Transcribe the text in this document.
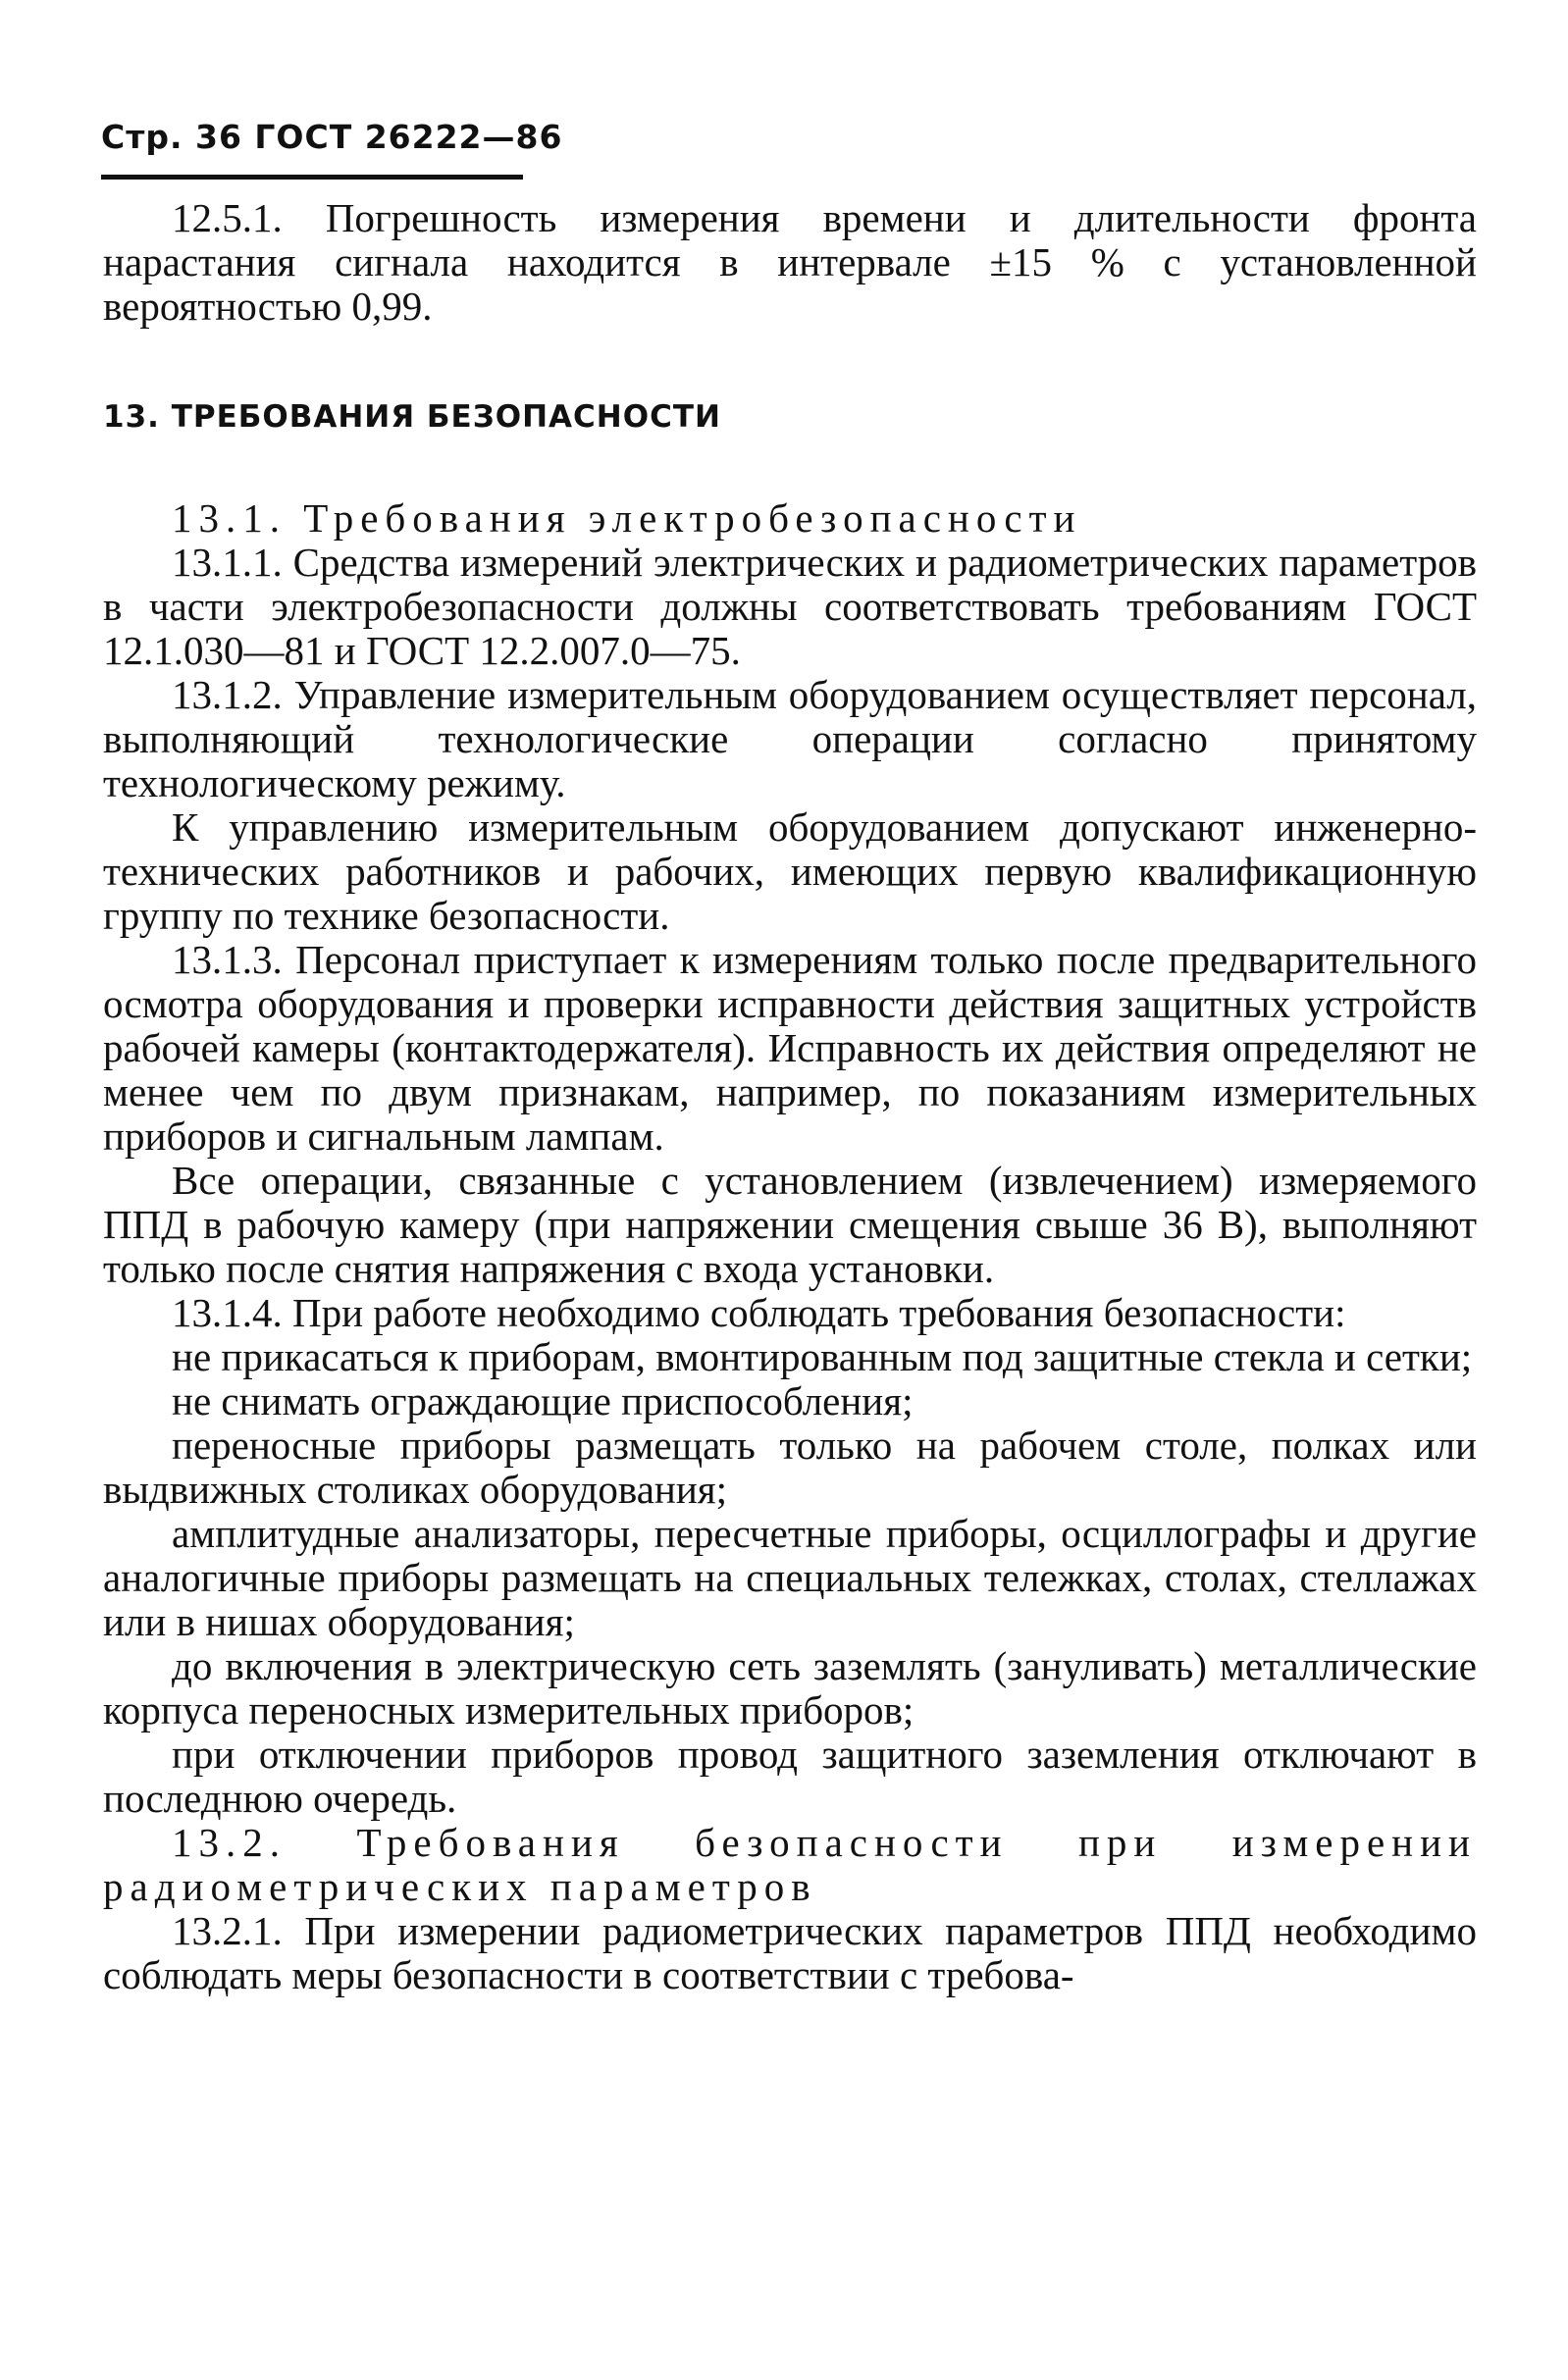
Стр. 36 ГОСТ 26222—86

12.5.1. Погрешность измерения времени и длительности фронта нарастания сигнала находится в интервале ±15 % с установленной вероятностью 0,99.

13. ТРЕБОВАНИЯ БЕЗОПАСНОСТИ

13.1. Требования электробезопасности

13.1.1. Средства измерений электрических и радиометрических параметров в части электробезопасности должны соответствовать требованиям ГОСТ 12.1.030—81 и ГОСТ 12.2.007.0—75.

13.1.2. Управление измерительным оборудованием осуществляет персонал, выполняющий технологические операции согласно принятому технологическому режиму.

К управлению измерительным оборудованием допускают инженерно-технических работников и рабочих, имеющих первую квалификационную группу по технике безопасности.

13.1.3. Персонал приступает к измерениям только после предварительного осмотра оборудования и проверки исправности действия защитных устройств рабочей камеры (контактодержателя). Исправность их действия определяют не менее чем по двум признакам, например, по показаниям измерительных приборов и сигнальным лампам.

Все операции, связанные с установлением (извлечением) измеряемого ППД в рабочую камеру (при напряжении смещения свыше 36 В), выполняют только после снятия напряжения с входа установки.

13.1.4. При работе необходимо соблюдать требования безопасности:

не прикасаться к приборам, вмонтированным под защитные стекла и сетки;

не снимать ограждающие приспособления;

переносные приборы размещать только на рабочем столе, полках или выдвижных столиках оборудования;

амплитудные анализаторы, пересчетные приборы, осциллографы и другие аналогичные приборы размещать на специальных тележках, столах, стеллажах или в нишах оборудования;

до включения в электрическую сеть заземлять (зануливать) металлические корпуса переносных измерительных приборов;

при отключении приборов провод защитного заземления отключают в последнюю очередь.

13.2. Требования безопасности при измерении радиометрических параметров

13.2.1. При измерении радиометрических параметров ППД необходимо соблюдать меры безопасности в соответствии с требова-
